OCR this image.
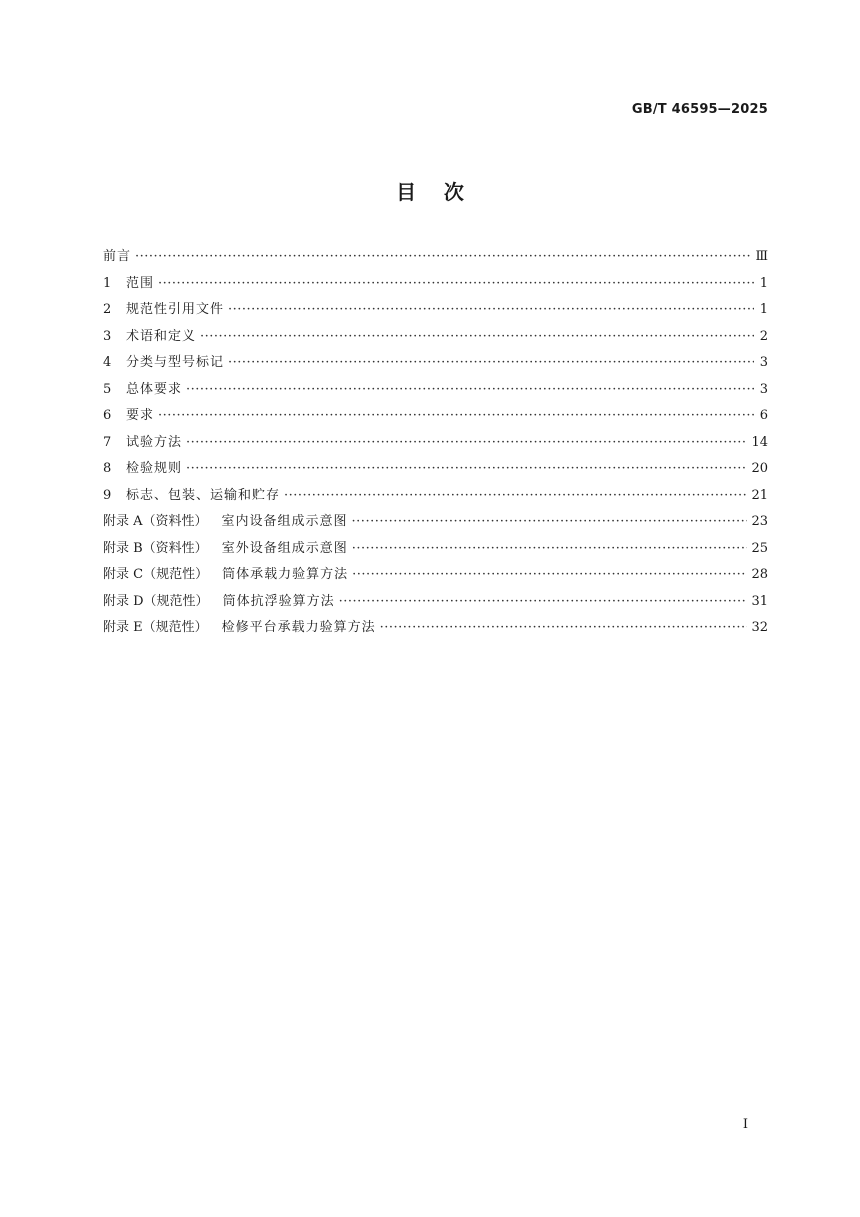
GB/T 46595—2025
目    次
前言 ·····	Ⅲ
1	范围 ·····	1
2	规范性引用文件 ·····	1
3	术语和定义 ·····	2
4	分类与型号标记 ·····	3
5	总体要求 ·····	3
6	要求 ·····	6
7	试验方法 ·····	14
8	检验规则 ·····	20
9	标志、包装、运输和贮存 ·····	21
附录 A（资料性） 室内设备组成示意图 ·····	23
附录 B（资料性） 室外设备组成示意图 ·····	25
附录 C（规范性） 筒体承载力验算方法 ·····	28
附录 D（规范性） 筒体抗浮验算方法 ·····	31
附录 E（规范性） 检修平台承载力验算方法 ·····	32
I
